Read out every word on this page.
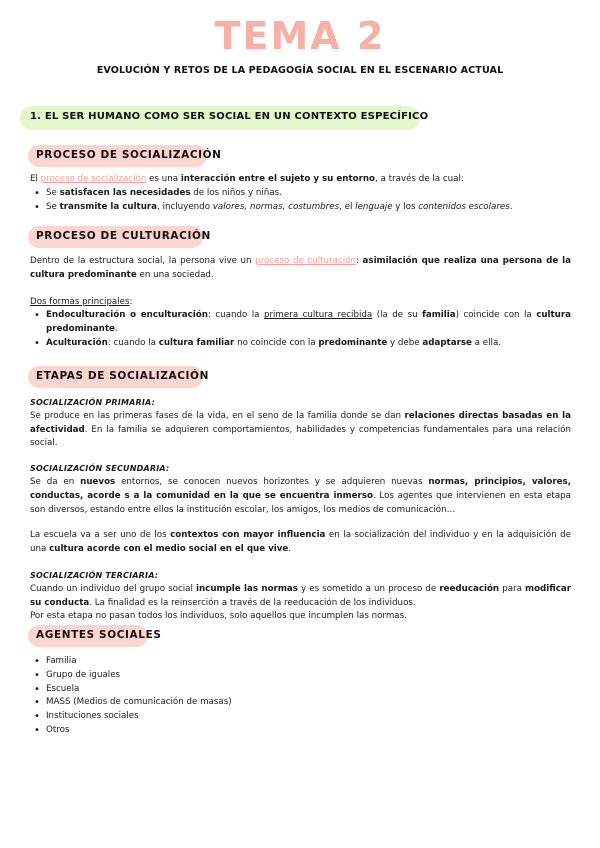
TEMA 2
EVOLUCIÓN Y RETOS DE LA PEDAGOGÍA SOCIAL EN EL ESCENARIO ACTUAL
1. EL SER HUMANO COMO SER SOCIAL EN UN CONTEXTO ESPECÍFICO
PROCESO DE SOCIALIZACIÓN

El proceso de socialización es una interacción entre el sujeto y su entorno, a través de la cual:

• Se satisfacen las necesidades de los niños y niñas.
• Se transmite la cultura, incluyendo valores, normas, costumbres, el lenguaje y los contenidos escolares.
PROCESO DE CULTURACIÓN

Dentro de la estructura social, la persona vive un proceso de culturación: asimilación que realiza una persona de la cultura predominante en una sociedad.

Dos formas principales:

• Endoculturación o enculturación: cuando la primera cultura recibida (la de su familia) coincide con la cultura predominante.
• Aculturación: cuando la cultura familiar no coincide con la predominante y debe adaptarse a ella.
ETAPAS DE SOCIALIZACIÓN

SOCIALIZACIÓN PRIMARIA:

Se produce en las primeras fases de la vida, en el seno de la familia donde se dan relaciones directas basadas en la afectividad. En la familia se adquieren comportamientos, habilidades y competencias fundamentales para una relación social.

SOCIALIZACIÓN SECUNDARIA:

Se da en nuevos entornos, se conocen nuevos horizontes y se adquieren nuevas normas, principios, valores, conductas, acorde s a la comunidad en la que se encuentra inmerso. Los agentes que intervienen en esta etapa son diversos, estando entre ellos la institución escolar, los amigos, los medios de comunicación…

La escuela va a ser uno de los contextos con mayor influencia en la socialización del individuo y en la adquisición de una cultura acorde con el medio social en el que vive.

SOCIALIZACIÓN TERCIARIA:

Cuando un individuo del grupo social incumple las normas y es sometido a un proceso de reeducación para modificar su conducta. La finalidad es la reinserción a través de la reeducación de los individuos.

Por esta etapa no pasan todos los individuos, solo aquellos que incumplen las normas.

AGENTES SOCIALES
• Familia
• Grupo de iguales
• Escuela
• MASS (Medios de comunicación de masas)
• Instituciones sociales
• Otros
